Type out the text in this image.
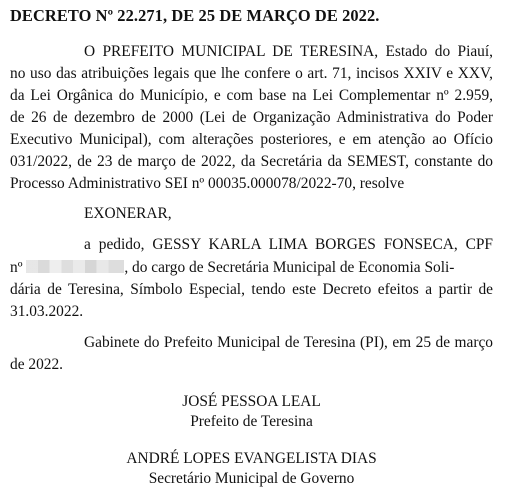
DECRETO Nº 22.271, DE 25 DE MARÇO DE 2022.
O PREFEITO MUNICIPAL DE TERESINA, Estado do Piauí,
no uso das atribuições legais que lhe confere o art. 71, incisos XXIV e XXV,
da Lei Orgânica do Município, e com base na Lei Complementar nº 2.959,
de 26 de dezembro de 2000 (Lei de Organização Administrativa do Poder
Executivo Municipal), com alterações posteriores, e em atenção ao Ofício
031/2022, de 23 de março de 2022, da Secretária da SEMEST, constante do
Processo Administrativo SEI nº 00035.000078/2022-70, resolve
EXONERAR,
a pedido, GESSY KARLA LIMA BORGES FONSECA, CPF
nº	, do cargo de Secretária Municipal de Economia Soli-
dária de Teresina, Símbolo Especial, tendo este Decreto efeitos a partir de
31.03.2022.
Gabinete do Prefeito Municipal de Teresina (PI), em 25 de março
de 2022.
JOSÉ PESSOA LEAL
Prefeito de Teresina
ANDRÉ LOPES EVANGELISTA DIAS
Secretário Municipal de Governo
